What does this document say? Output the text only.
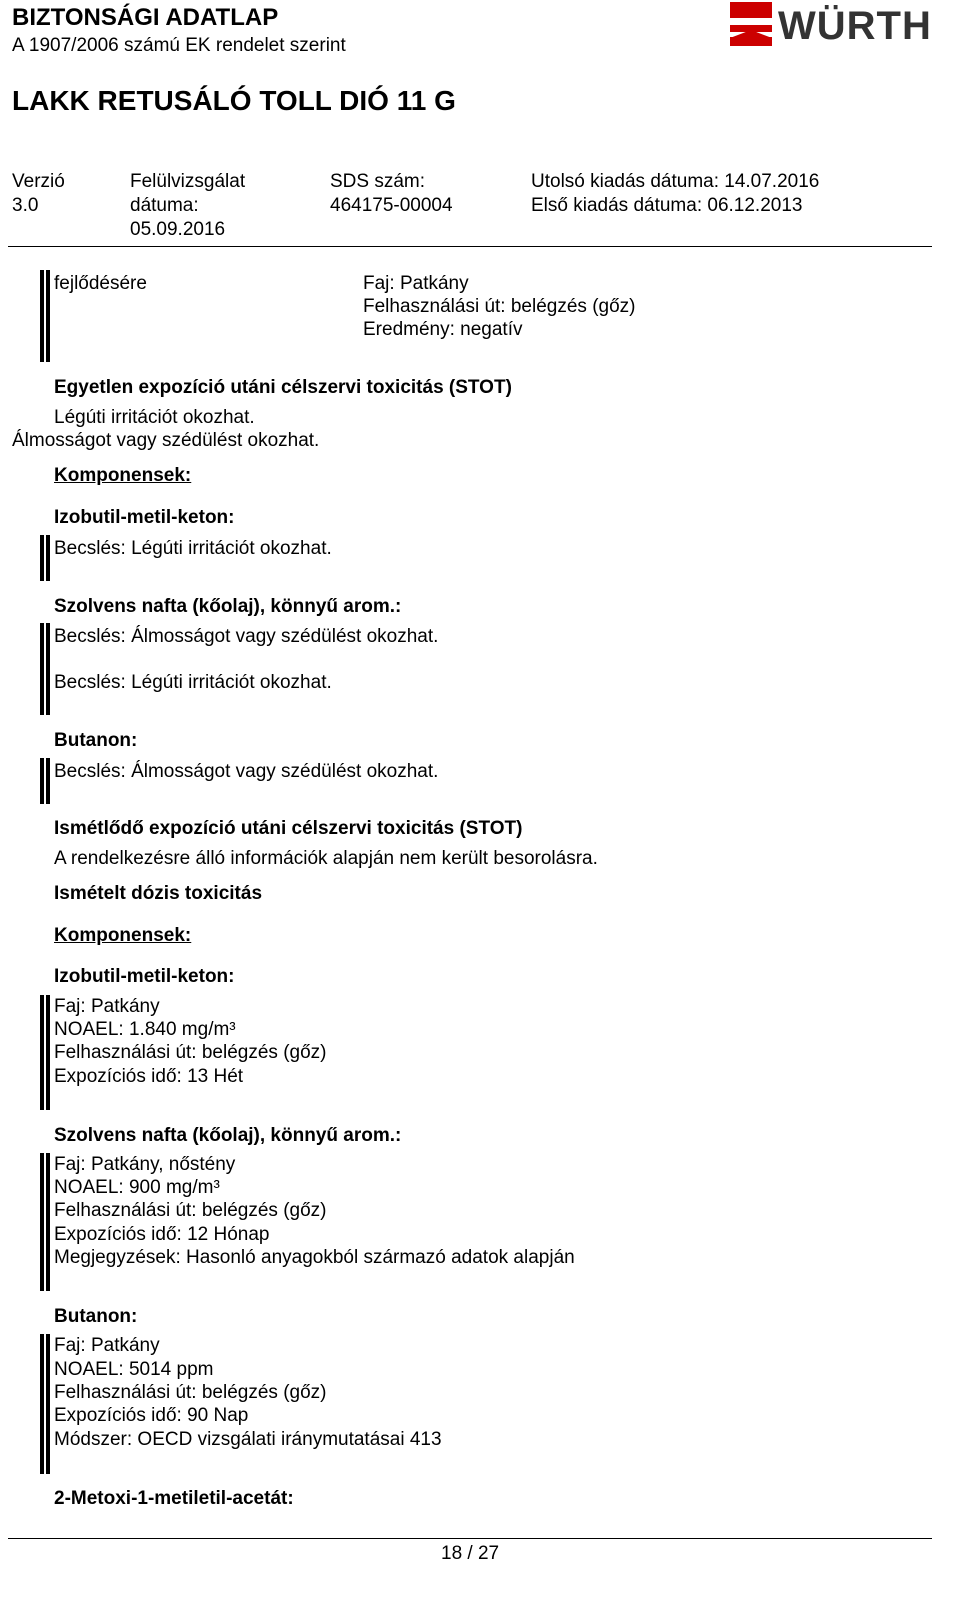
BIZTONSÁGI ADATLAP
A 1907/2006 számú EK rendelet szerint	WÜRTH
LAKK RETUSÁLÓ TOLL DIÓ 11 G
Verzió
3.0
Felülvizsgálat
dátuma:
05.09.2016
SDS szám:
464175-00004
Utolsó kiadás dátuma: 14.07.2016
Első kiadás dátuma: 06.12.2013
fejlődésére	Faj: Patkány
Felhasználási út: belégzés (gőz)
Eredmény: negatív
Egyetlen expozíció utáni célszervi toxicitás (STOT)
Légúti irritációt okozhat.
Álmosságot vagy szédülést okozhat.
Komponensek:
Izobutil-metil-keton:
Becslés: Légúti irritációt okozhat.
Szolvens nafta (kőolaj), könnyű arom.:
Becslés: Álmosságot vagy szédülést okozhat.
Becslés: Légúti irritációt okozhat.
Butanon:
Becslés: Álmosságot vagy szédülést okozhat.
Ismétlődő expozíció utáni célszervi toxicitás (STOT)
A rendelkezésre álló információk alapján nem került besorolásra.
Ismételt dózis toxicitás
Komponensek:
Izobutil-metil-keton:
Faj: Patkány
NOAEL: 1.840 mg/m³
Felhasználási út: belégzés (gőz)
Expozíciós idő: 13 Hét
Szolvens nafta (kőolaj), könnyű arom.:
Faj: Patkány, nőstény
NOAEL: 900 mg/m³
Felhasználási út: belégzés (gőz)
Expozíciós idő: 12 Hónap
Megjegyzések: Hasonló anyagokból származó adatok alapján
Butanon:
Faj: Patkány
NOAEL: 5014 ppm
Felhasználási út: belégzés (gőz)
Expozíciós idő: 90 Nap
Módszer: OECD vizsgálati iránymutatásai 413
2-Metoxi-1-metiletil-acetát:
18 / 27
